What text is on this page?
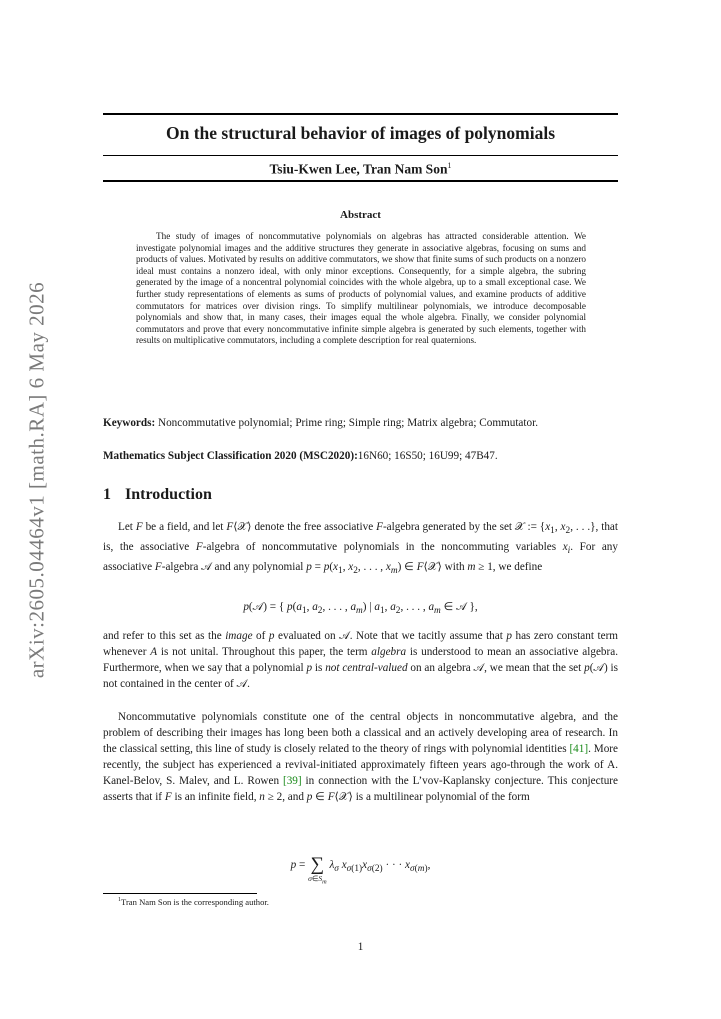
arXiv:2605.04464v1 [math.RA] 6 May 2026
On the structural behavior of images of polynomials
Tsiu-Kwen Lee, Tran Nam Son$^1$
Abstract

The study of images of noncommutative polynomials on algebras has attracted considerable attention. We investigate polynomial images and the additive structures they generate in associative algebras, focusing on sums and products of values. Motivated by results on additive commutators, we show that finite sums of such products on a nonzero ideal must contains a nonzero ideal, with only minor exceptions. Consequently, for a simple algebra, the subring generated by the image of a noncentral polynomial coincides with the whole algebra, up to a small exceptional case. We further study representations of elements as sums of products of polynomial values, and examine products of additive commutators for matrices over division rings. To simplify multilinear polynomials, we introduce decomposable polynomials and show that, in many cases, their images equal the whole algebra. Finally, we consider polynomial commutators and prove that every noncommutative infinite simple algebra is generated by such elements, together with results on multiplicative commutators, including a complete description for real quaternions.

Keywords: Noncommutative polynomial; Prime ring; Simple ring; Matrix algebra; Commutator.

Mathematics Subject Classification 2020 (MSC2020):16N60; 16S50; 16U99; 47B47.

1 Introduction

Let F be a field, and let F⟨𝒳⟩ denote the free associative F-algebra generated by the set 𝒳 := {$x_1$, $x_2$, . . .}, that is, the associative F-algebra of noncommutative polynomials in the noncommuting variables $x_i$. For any associative F-algebra 𝒜 and any polynomial $p = p(x_1$, $x_2$, . . . , $x_m$) ∈ F⟨𝒳⟩ with m ≥ 1, we define

p(𝒜) = { $p(a_1$, $a_2$, . . . , $a_m$) | $a_1$, $a_2$, . . . , $a_m$ ∈ 𝒜 },

and refer to this set as the image of p evaluated on 𝒜. Note that we tacitly assume that p has zero constant term whenever A is not unital. Throughout this paper, the term algebra is understood to mean an associative algebra. Furthermore, when we say that a polynomial p is not central-valued on an algebra 𝒜, we mean that the set p(𝒜) is not contained in the center of 𝒜.

Noncommutative polynomials constitute one of the central objects in noncommutative algebra, and the problem of describing their images has long been both a classical and an actively developing area of research. In the classical setting, this line of study is closely related to the theory of rings with polynomial identities [41]. More recently, the subject has experienced a revival-initiated approximately fifteen years ago-through the work of A. Kanel-Belov, S. Malev, and L. Rowen [39] in connection with the L’vov-Kaplansky conjecture. This conjecture asserts that if F is an infinite field, n ≥ 2, and p ∈ F⟨𝒳⟩ is a multilinear polynomial of the form

p = ∑
$\sigma\in S_m$
$\lambda_\sigma$ $x_{\sigma(1)}x_{\sigma(2)}$ · · · $x_{\sigma(m)}$,
$^1$Tran Nam Son is the corresponding author.
1
